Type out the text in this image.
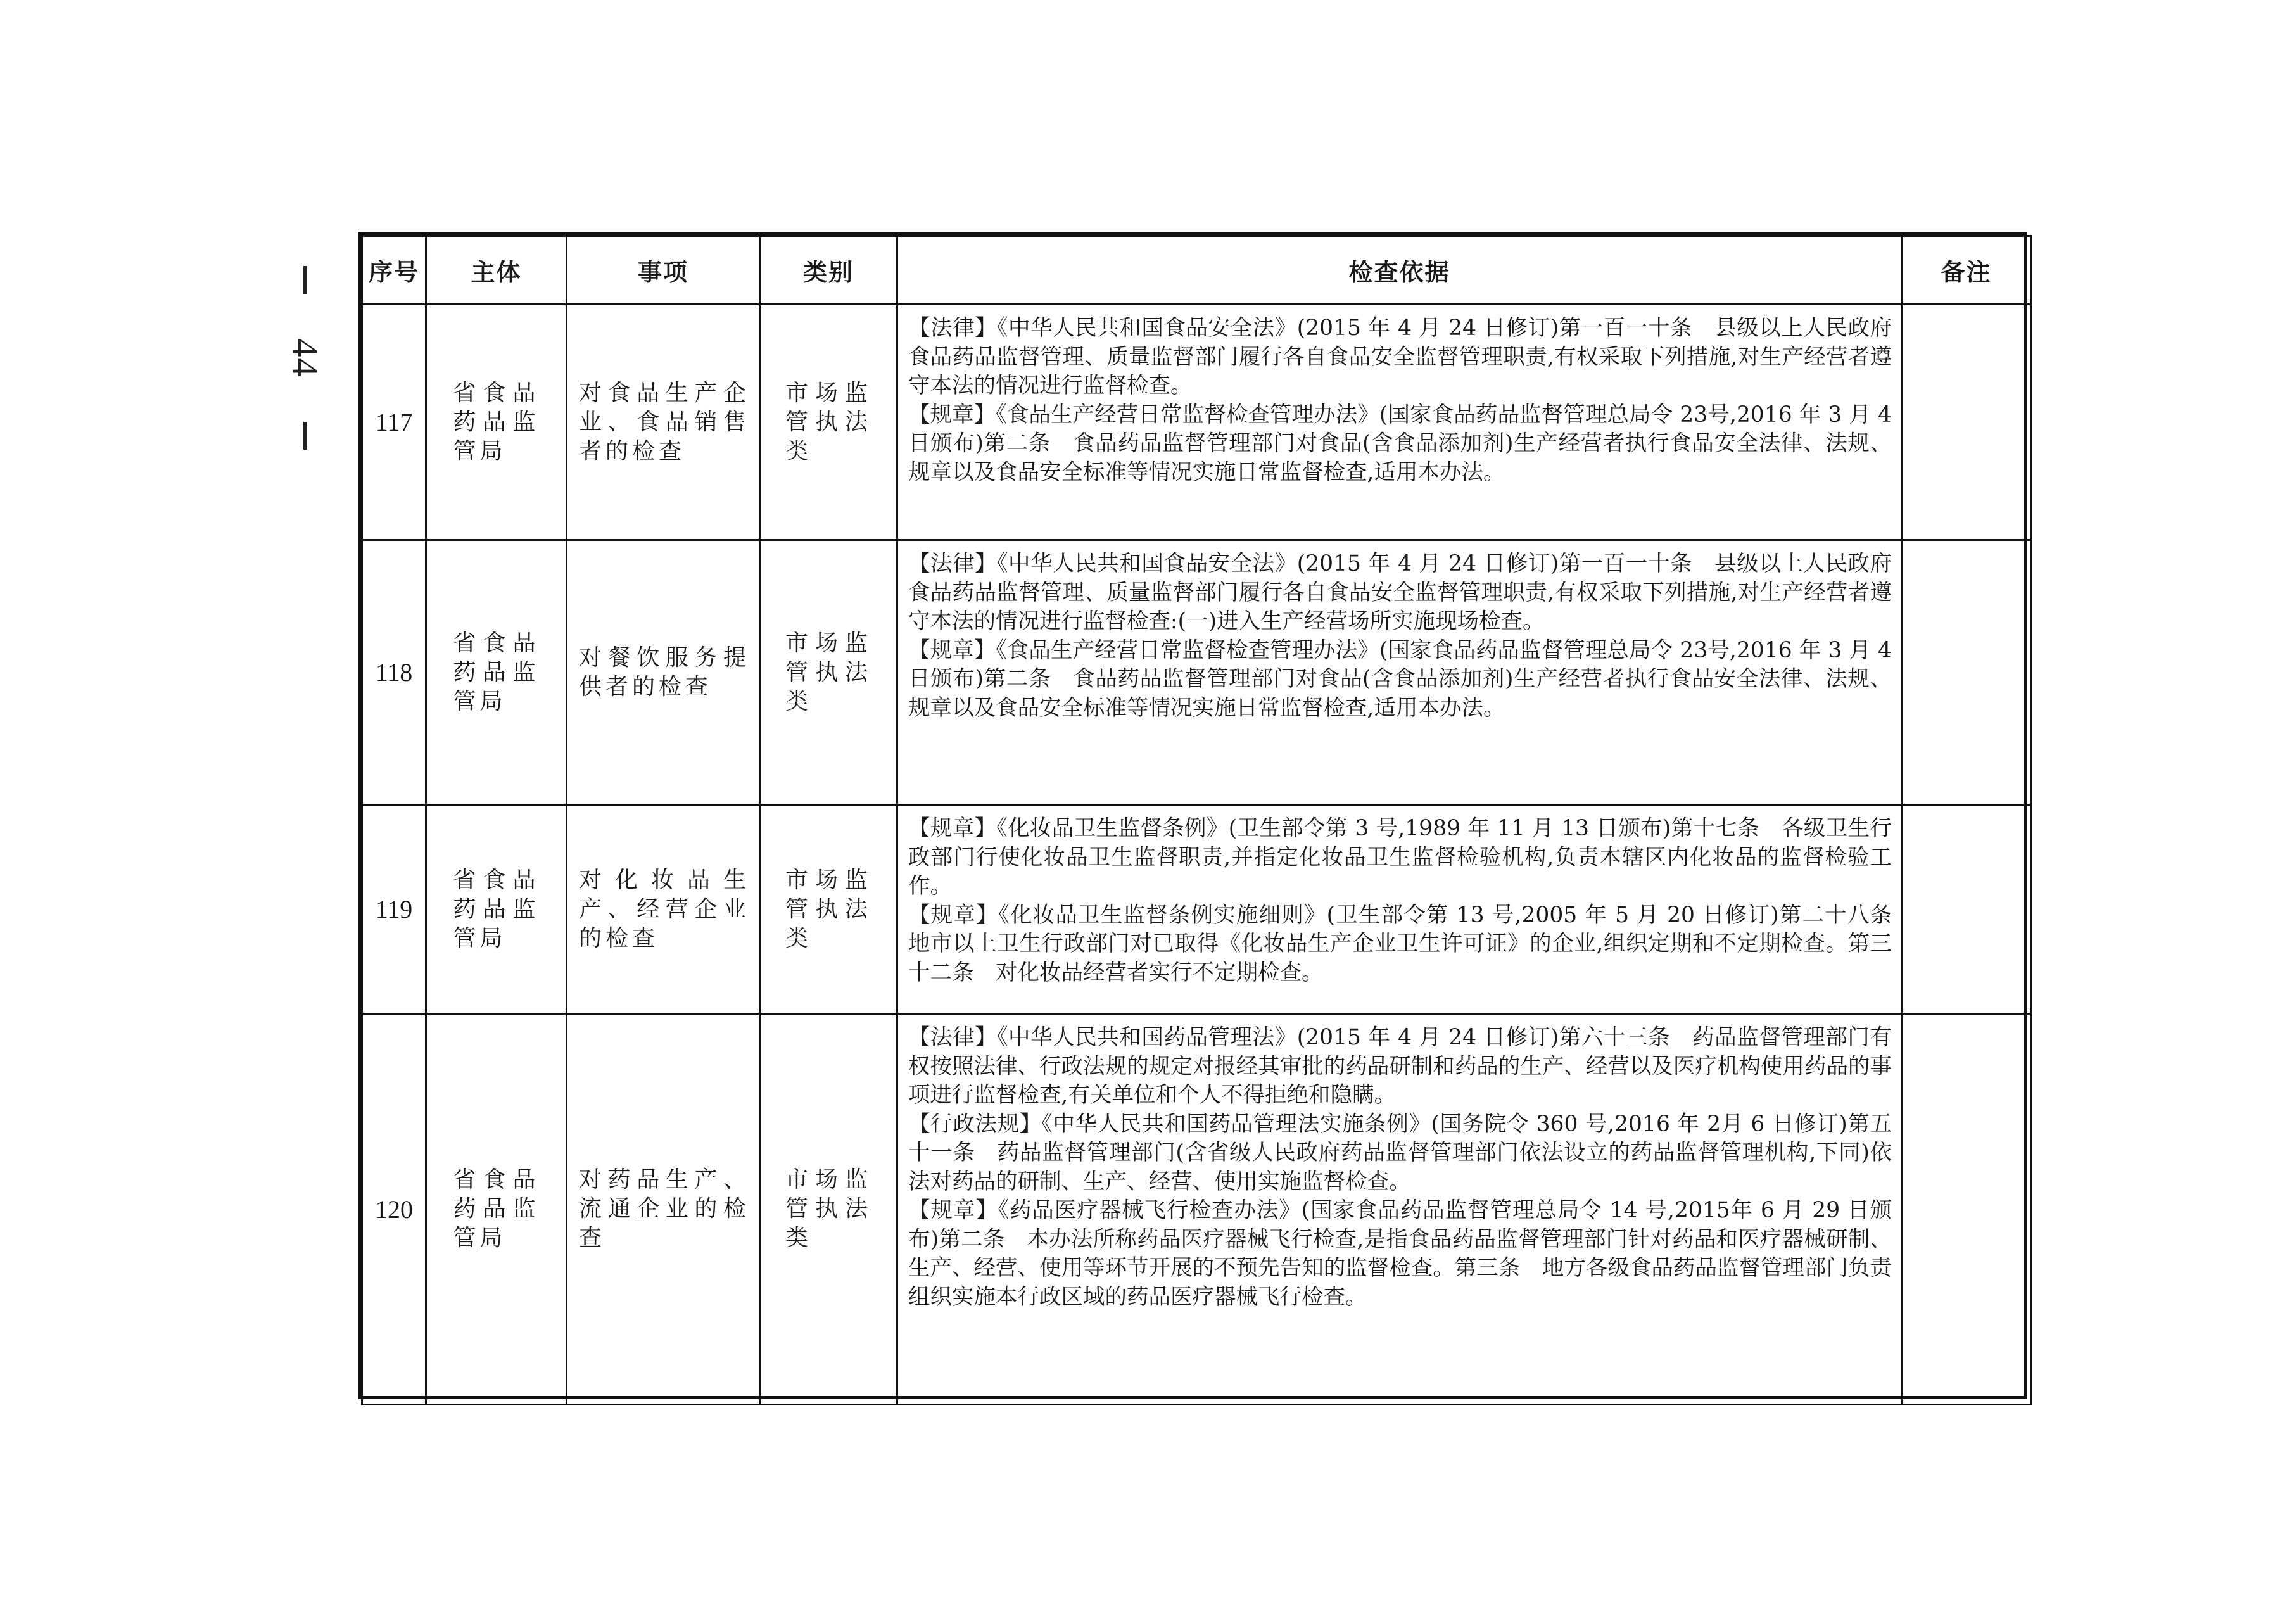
44
序号	主体	事项	类别	检查依据	备注
117	省食品药品监管局	对食品生产企业、食品销售者的检查	市场监管执法类	【法律】《中华人民共和国食品安全法》(2015 年 4 月 24 日修订)第一百一十条　县级以上人民政府食品药品监督管理、质量监督部门履行各自食品安全监督管理职责,有权采取下列措施,对生产经营者遵守本法的情况进行监督检查。

【规章】《食品生产经营日常监督检查管理办法》(国家食品药品监督管理总局令 23号,2016 年 3 月 4 日颁布)第二条　食品药品监督管理部门对食品(含食品添加剂)生产经营者执行食品安全法律、法规、规章以及食品安全标准等情况实施日常监督检查,适用本办法。	

118	省食品药品监管局	对餐饮服务提供者的检查	市场监管执法类	【法律】《中华人民共和国食品安全法》(2015 年 4 月 24 日修订)第一百一十条　县级以上人民政府食品药品监督管理、质量监督部门履行各自食品安全监督管理职责,有权采取下列措施,对生产经营者遵守本法的情况进行监督检查:(一)进入生产经营场所实施现场检查。

【规章】《食品生产经营日常监督检查管理办法》(国家食品药品监督管理总局令 23号,2016 年 3 月 4 日颁布)第二条　食品药品监督管理部门对食品(含食品添加剂)生产经营者执行食品安全法律、法规、规章以及食品安全标准等情况实施日常监督检查,适用本办法。	

119	省食品药品监管局	对化妆品生产、经营企业的检查	市场监管执法类	【规章】《化妆品卫生监督条例》(卫生部令第 3 号,1989 年 11 月 13 日颁布)第十七条　各级卫生行政部门行使化妆品卫生监督职责,并指定化妆品卫生监督检验机构,负责本辖区内化妆品的监督检验工作。

【规章】《化妆品卫生监督条例实施细则》(卫生部令第 13 号,2005 年 5 月 20 日修订)第二十八条　地市以上卫生行政部门对已取得《化妆品生产企业卫生许可证》的企业,组织定期和不定期检查。第三十二条　对化妆品经营者实行不定期检查。	

120	省食品药品监管局	对药品生产、流通企业的检查	市场监管执法类	【法律】《中华人民共和国药品管理法》(2015 年 4 月 24 日修订)第六十三条　药品监督管理部门有权按照法律、行政法规的规定对报经其审批的药品研制和药品的生产、经营以及医疗机构使用药品的事项进行监督检查,有关单位和个人不得拒绝和隐瞒。

【行政法规】《中华人民共和国药品管理法实施条例》(国务院令 360 号,2016 年 2月 6 日修订)第五十一条　药品监督管理部门(含省级人民政府药品监督管理部门依法设立的药品监督管理机构,下同)依法对药品的研制、生产、经营、使用实施监督检查。

【规章】《药品医疗器械飞行检查办法》(国家食品药品监督管理总局令 14 号,2015年 6 月 29 日颁布)第二条　本办法所称药品医疗器械飞行检查,是指食品药品监督管理部门针对药品和医疗器械研制、生产、经营、使用等环节开展的不预先告知的监督检查。第三条　地方各级食品药品监督管理部门负责组织实施本行政区域的药品医疗器械飞行检查。	
